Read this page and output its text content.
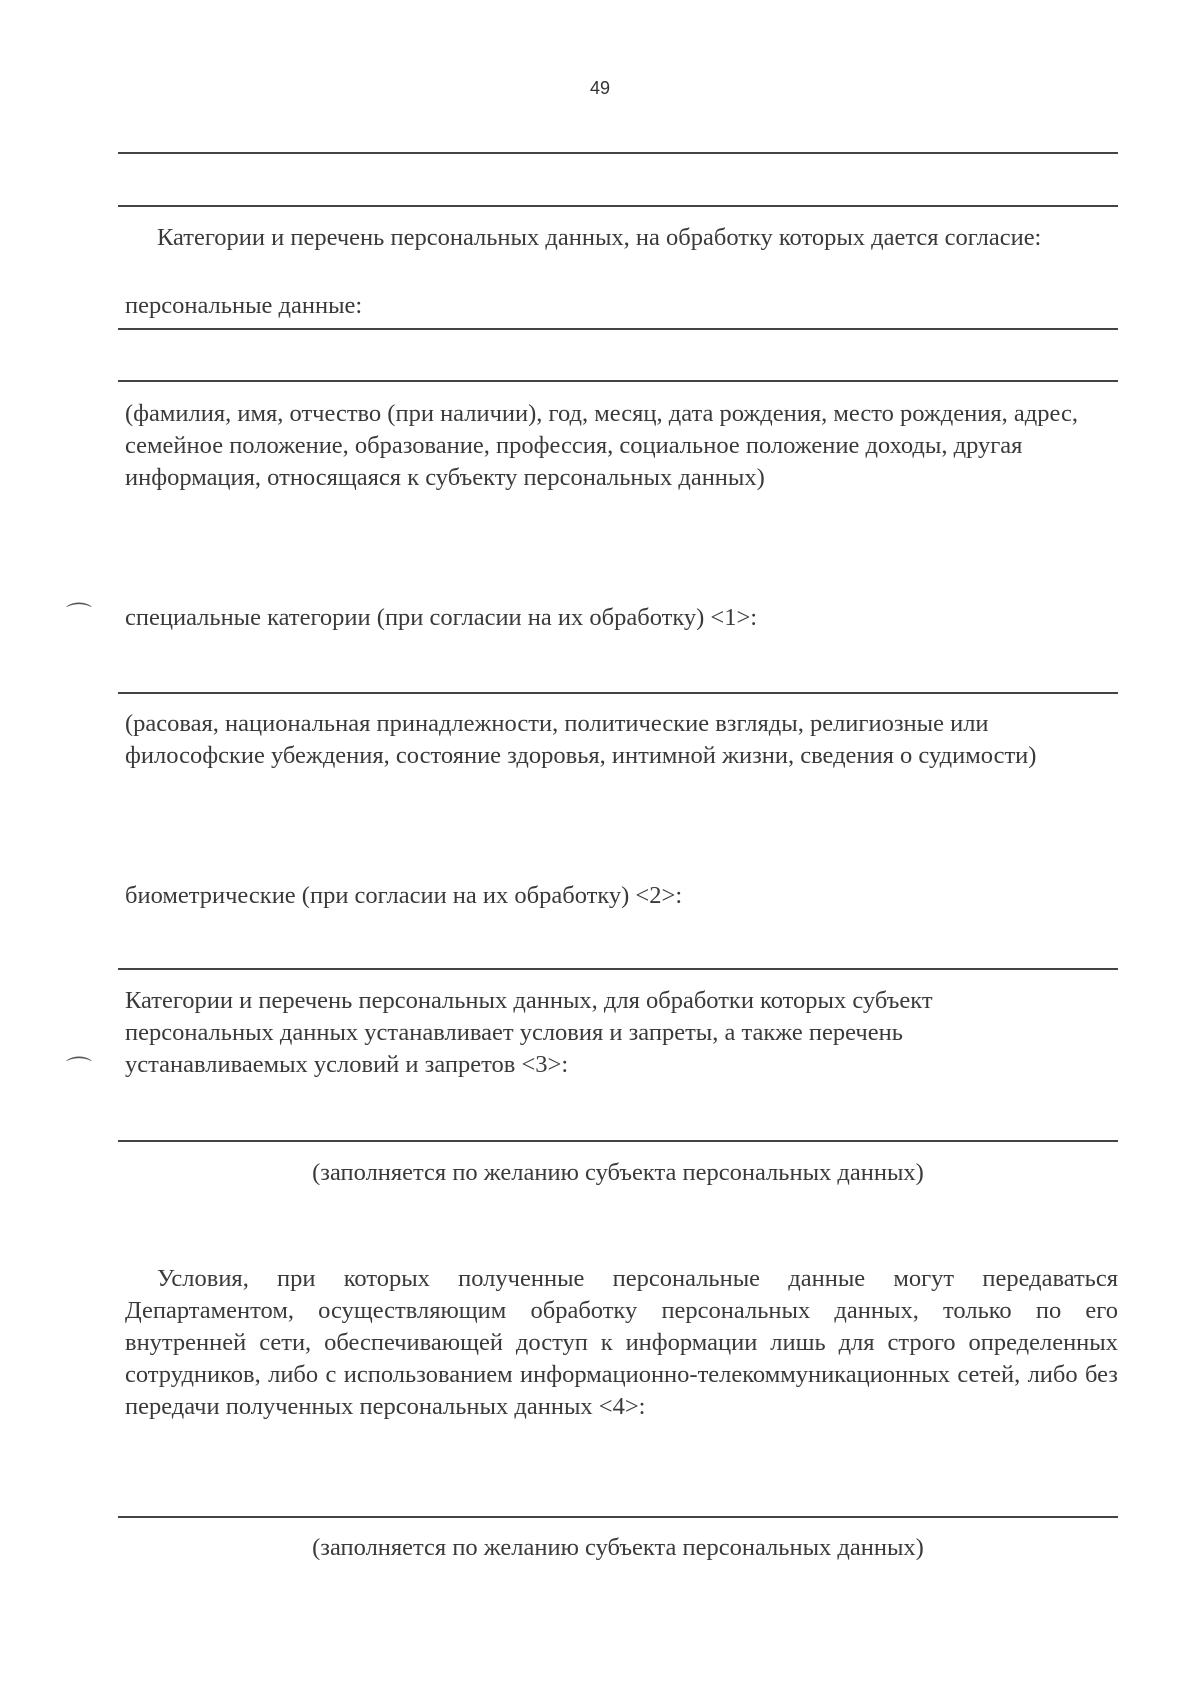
49

Категории и перечень персональных данных, на обработку которых дается согласие:

персональные данные:

(фамилия, имя, отчество (при наличии), год, месяц, дата рождения, место рождения, адрес, семейное положение, образование, профессия, социальное положение доходы, другая информация, относящаяся к субъекту персональных данных)

⌒ специальные категории (при согласии на их обработку) <1>:

(расовая, национальная принадлежности, политические взгляды, религиозные или философские убеждения, состояние здоровья, интимной жизни, сведения о судимости)

биометрические (при согласии на их обработку) <2>:

⌒

Категории и перечень персональных данных, для обработки которых субъект персональных данных устанавливает условия и запреты, а также перечень устанавливаемых условий и запретов <3>:

(заполняется по желанию субъекта персональных данных)

Условия, при которых полученные персональные данные могут передаваться Департаментом, осуществляющим обработку персональных данных, только по его внутренней сети, обеспечивающей доступ к информации лишь для строго определенных сотрудников, либо с использованием информационно-телекоммуникационных сетей, либо без передачи полученных персональных данных <4>:

(заполняется по желанию субъекта персональных данных)
